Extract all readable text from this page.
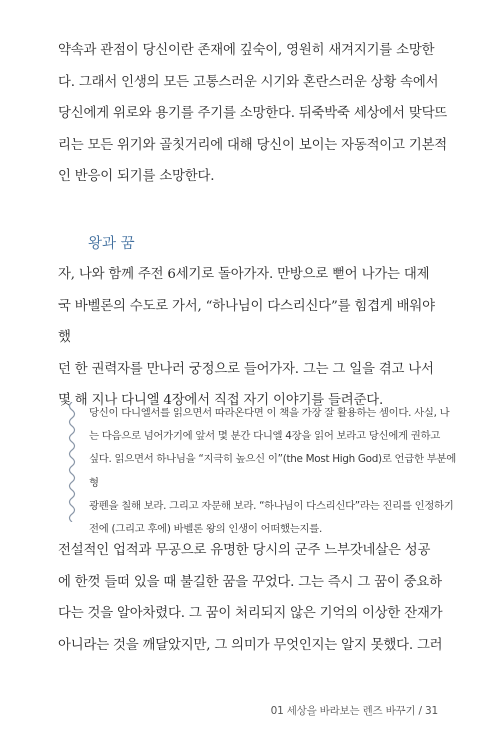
약속과 관점이 당신이란 존재에 깊숙이, 영원히 새겨지기를 소망한
다. 그래서 인생의 모든 고통스러운 시기와 혼란스러운 상황 속에서
당신에게 위로와 용기를 주기를 소망한다. 뒤죽박죽 세상에서 맞닥뜨
리는 모든 위기와 골칫거리에 대해 당신이 보이는 자동적이고 기본적
인 반응이 되기를 소망한다.

왕과 꿈

자, 나와 함께 주전 6세기로 돌아가자. 만방으로 뻗어 나가는 대제
국 바벨론의 수도로 가서, “하나님이 다스리신다”를 힘겹게 배워야 했
던 한 권력자를 만나러 궁정으로 들어가자. 그는 그 일을 겪고 나서
몇 해 지나 다니엘 4장에서 직접 자기 이야기를 들려준다.

당신이 다니엘서를 읽으면서 따라온다면 이 책을 가장 잘 활용하는 셈이다. 사실, 나
는 다음으로 넘어가기에 앞서 몇 분간 다니엘 4장을 읽어 보라고 당신에게 권하고
싶다. 읽으면서 하나님을 “지극히 높으신 이”(the Most High God)로 언급한 부분에 형
광펜을 칠해 보라. 그리고 자문해 보라. “하나님이 다스리신다”라는 진리를 인정하기
전에 (그리고 후에) 바벨론 왕의 인생이 어떠했는지를.

전설적인 업적과 무공으로 유명한 당시의 군주 느부갓네살은 성공
에 한껏 들떠 있을 때 불길한 꿈을 꾸었다. 그는 즉시 그 꿈이 중요하
다는 것을 알아차렸다. 그 꿈이 처리되지 않은 기억의 이상한 잔재가
아니라는 것을 깨달았지만, 그 의미가 무엇인지는 알지 못했다. 그러

01 세상을 바라보는 렌즈 바꾸기 / 31
